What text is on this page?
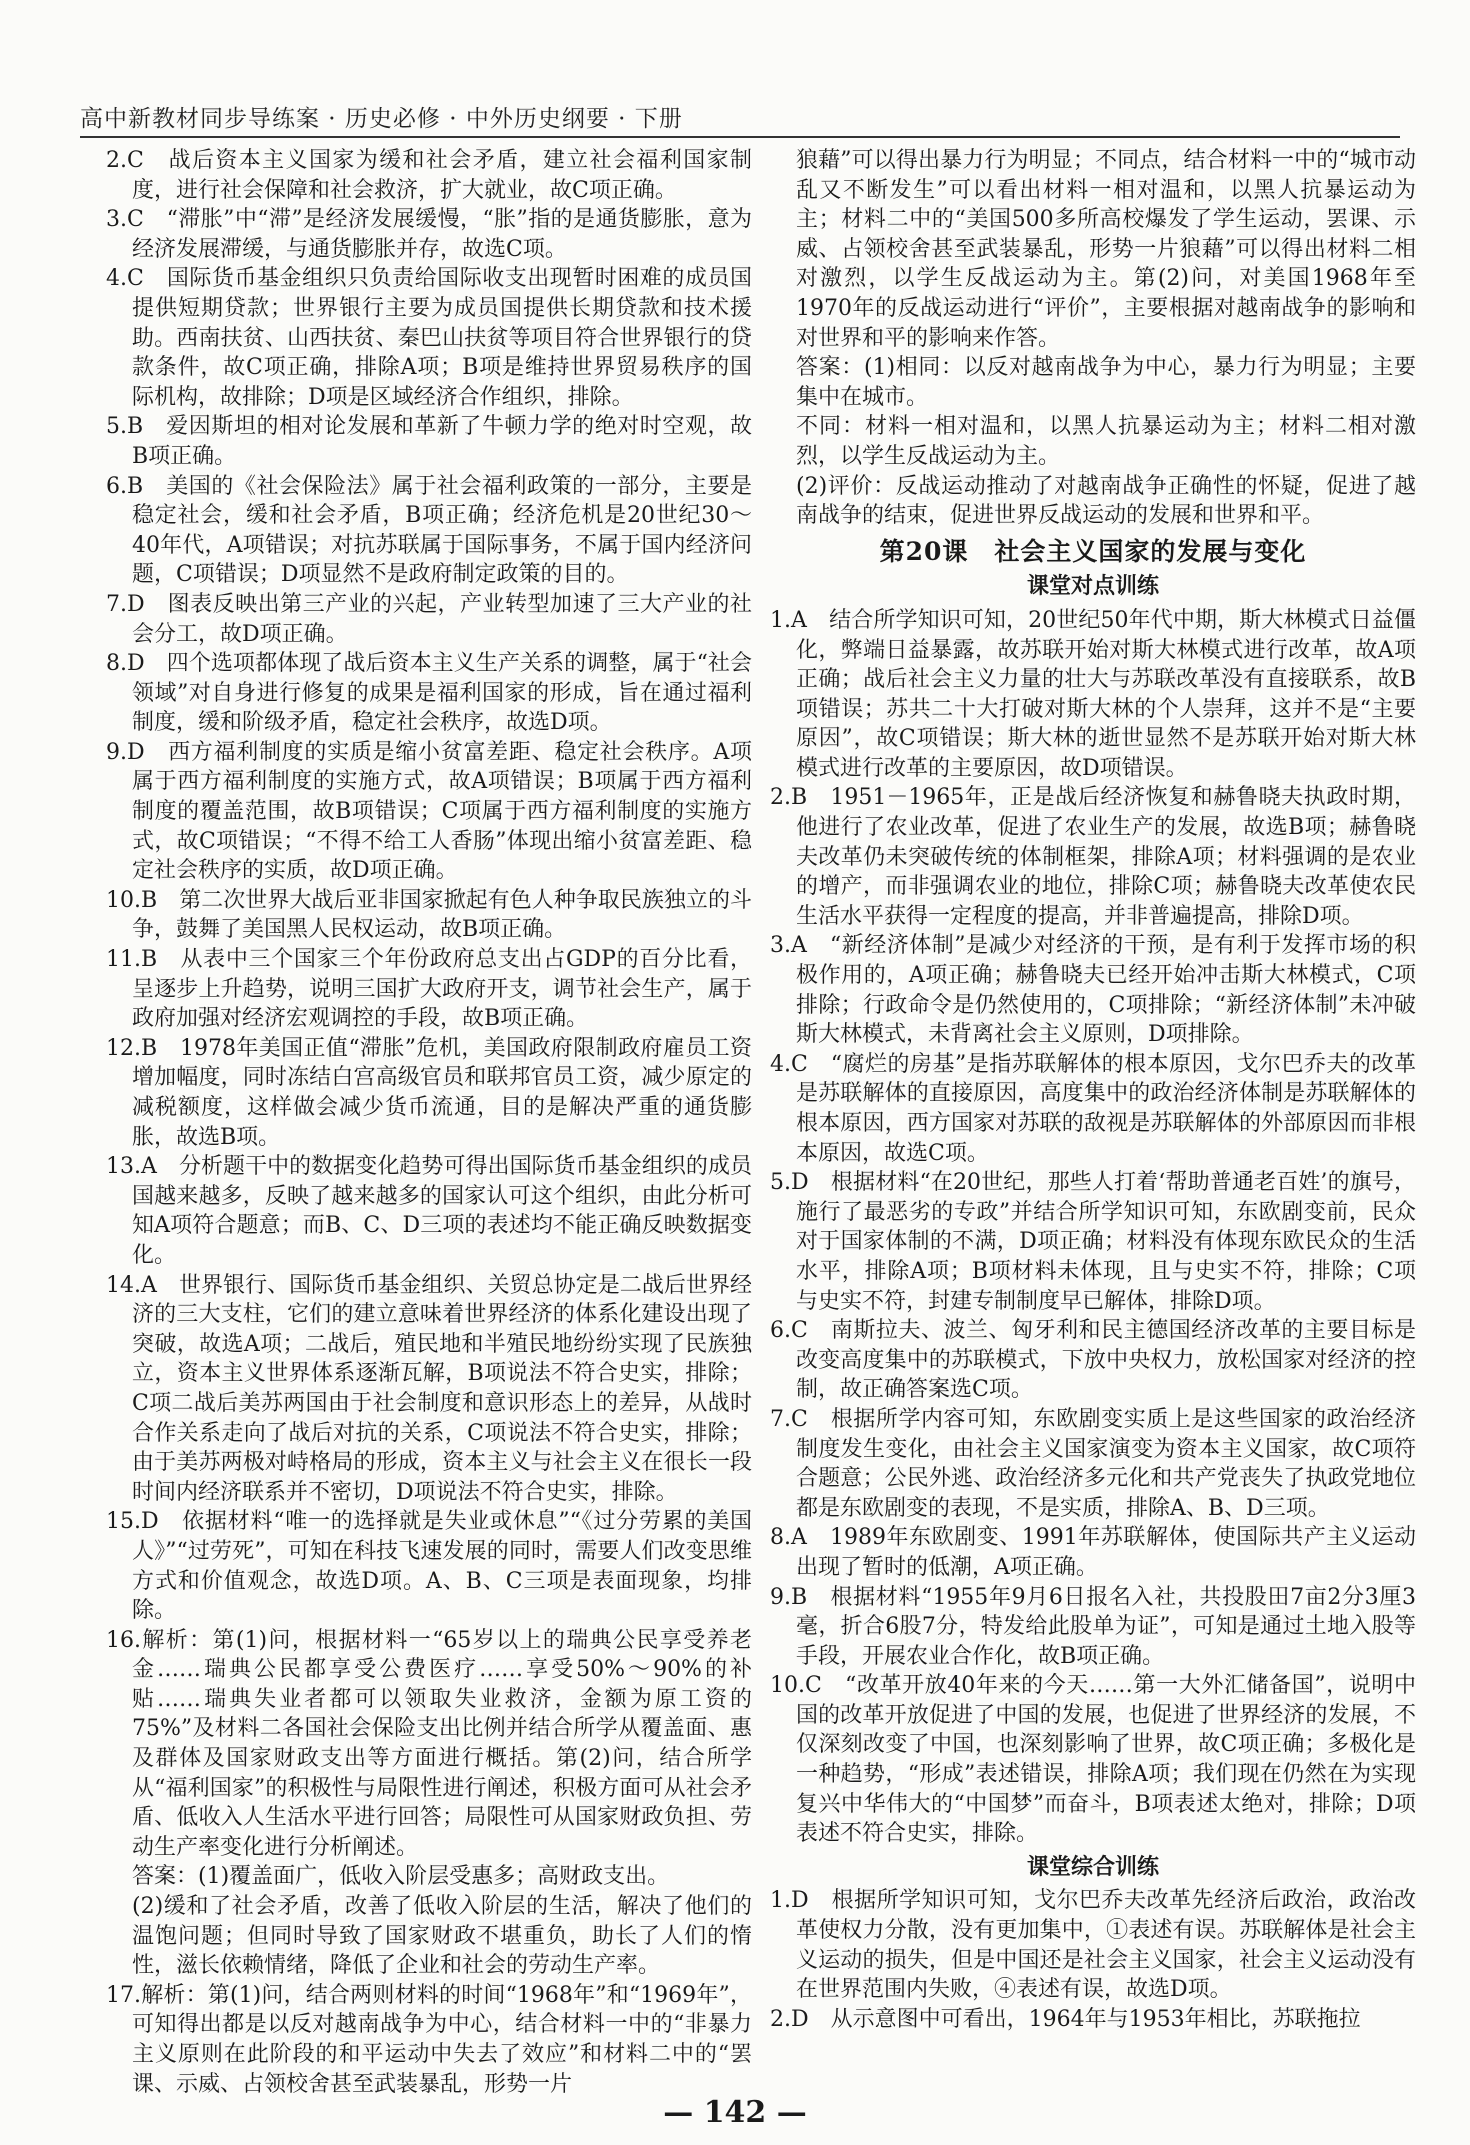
高中新教材同步导练案 · 历史必修 · 中外历史纲要 · 下册

2.C　战后资本主义国家为缓和社会矛盾，建立社会福利国家制度，进行社会保障和社会救济，扩大就业，故C项正确。

3.C　“滞胀”中“滞”是经济发展缓慢，“胀”指的是通货膨胀，意为经济发展滞缓，与通货膨胀并存，故选C项。

4.C　国际货币基金组织只负责给国际收支出现暂时困难的成员国提供短期贷款；世界银行主要为成员国提供长期贷款和技术援助。西南扶贫、山西扶贫、秦巴山扶贫等项目符合世界银行的贷款条件，故C项正确，排除A项；B项是维持世界贸易秩序的国际机构，故排除；D项是区域经济合作组织，排除。

5.B　爱因斯坦的相对论发展和革新了牛顿力学的绝对时空观，故B项正确。

6.B　美国的《社会保险法》属于社会福利政策的一部分，主要是稳定社会，缓和社会矛盾，B项正确；经济危机是20世纪30～40年代，A项错误；对抗苏联属于国际事务，不属于国内经济问题，C项错误；D项显然不是政府制定政策的目的。

7.D　图表反映出第三产业的兴起，产业转型加速了三大产业的社会分工，故D项正确。

8.D　四个选项都体现了战后资本主义生产关系的调整，属于“社会领域”对自身进行修复的成果是福利国家的形成，旨在通过福利制度，缓和阶级矛盾，稳定社会秩序，故选D项。

9.D　西方福利制度的实质是缩小贫富差距、稳定社会秩序。A项属于西方福利制度的实施方式，故A项错误；B项属于西方福利制度的覆盖范围，故B项错误；C项属于西方福利制度的实施方式，故C项错误；“不得不给工人香肠”体现出缩小贫富差距、稳定社会秩序的实质，故D项正确。

10.B　第二次世界大战后亚非国家掀起有色人种争取民族独立的斗争，鼓舞了美国黑人民权运动，故B项正确。

11.B　从表中三个国家三个年份政府总支出占GDP的百分比看，呈逐步上升趋势，说明三国扩大政府开支，调节社会生产，属于政府加强对经济宏观调控的手段，故B项正确。

12.B　1978年美国正值“滞胀”危机，美国政府限制政府雇员工资增加幅度，同时冻结白宫高级官员和联邦官员工资，减少原定的减税额度，这样做会减少货币流通，目的是解决严重的通货膨胀，故选B项。

13.A　分析题干中的数据变化趋势可得出国际货币基金组织的成员国越来越多，反映了越来越多的国家认可这个组织，由此分析可知A项符合题意；而B、C、D三项的表述均不能正确反映数据变化。

14.A　世界银行、国际货币基金组织、关贸总协定是二战后世界经济的三大支柱，它们的建立意味着世界经济的体系化建设出现了突破，故选A项；二战后，殖民地和半殖民地纷纷实现了民族独立，资本主义世界体系逐渐瓦解，B项说法不符合史实，排除；C项二战后美苏两国由于社会制度和意识形态上的差异，从战时合作关系走向了战后对抗的关系，C项说法不符合史实，排除；由于美苏两极对峙格局的形成，资本主义与社会主义在很长一段时间内经济联系并不密切，D项说法不符合史实，排除。

15.D　依据材料“唯一的选择就是失业或休息”“《过分劳累的美国人》”“过劳死”，可知在科技飞速发展的同时，需要人们改变思维方式和价值观念，故选D项。A、B、C三项是表面现象，均排除。

16.解析：第(1)问，根据材料一“65岁以上的瑞典公民享受养老金……瑞典公民都享受公费医疗……享受50%～90%的补贴……瑞典失业者都可以领取失业救济，金额为原工资的75%”及材料二各国社会保险支出比例并结合所学从覆盖面、惠及群体及国家财政支出等方面进行概括。第(2)问，结合所学从“福利国家”的积极性与局限性进行阐述，积极方面可从社会矛盾、低收入人生活水平进行回答；局限性可从国家财政负担、劳动生产率变化进行分析阐述。

答案：(1)覆盖面广，低收入阶层受惠多；高财政支出。

(2)缓和了社会矛盾，改善了低收入阶层的生活，解决了他们的温饱问题；但同时导致了国家财政不堪重负，助长了人们的惰性，滋长依赖情绪，降低了企业和社会的劳动生产率。

17.解析：第(1)问，结合两则材料的时间“1968年”和“1969年”，可知得出都是以反对越南战争为中心，结合材料一中的“非暴力主义原则在此阶段的和平运动中失去了效应”和材料二中的“罢课、示威、占领校舍甚至武装暴乱，形势一片

狼藉”可以得出暴力行为明显；不同点，结合材料一中的“城市动乱又不断发生”可以看出材料一相对温和，以黑人抗暴运动为主；材料二中的“美国500多所高校爆发了学生运动，罢课、示威、占领校舍甚至武装暴乱，形势一片狼藉”可以得出材料二相对激烈，以学生反战运动为主。第(2)问，对美国1968年至1970年的反战运动进行“评价”，主要根据对越南战争的影响和对世界和平的影响来作答。

答案：(1)相同：以反对越南战争为中心，暴力行为明显；主要集中在城市。

不同：材料一相对温和，以黑人抗暴运动为主；材料二相对激烈，以学生反战运动为主。

(2)评价：反战运动推动了对越南战争正确性的怀疑，促进了越南战争的结束，促进世界反战运动的发展和世界和平。

第20课　社会主义国家的发展与变化
课堂对点训练

1.A　结合所学知识可知，20世纪50年代中期，斯大林模式日益僵化，弊端日益暴露，故苏联开始对斯大林模式进行改革，故A项正确；战后社会主义力量的壮大与苏联改革没有直接联系，故B项错误；苏共二十大打破对斯大林的个人崇拜，这并不是“主要原因”，故C项错误；斯大林的逝世显然不是苏联开始对斯大林模式进行改革的主要原因，故D项错误。

2.B　1951－1965年，正是战后经济恢复和赫鲁晓夫执政时期，他进行了农业改革，促进了农业生产的发展，故选B项；赫鲁晓夫改革仍未突破传统的体制框架，排除A项；材料强调的是农业的增产，而非强调农业的地位，排除C项；赫鲁晓夫改革使农民生活水平获得一定程度的提高，并非普遍提高，排除D项。

3.A　“新经济体制”是减少对经济的干预，是有利于发挥市场的积极作用的，A项正确；赫鲁晓夫已经开始冲击斯大林模式，C项排除；行政命令是仍然使用的，C项排除；“新经济体制”未冲破斯大林模式，未背离社会主义原则，D项排除。

4.C　“腐烂的房基”是指苏联解体的根本原因，戈尔巴乔夫的改革是苏联解体的直接原因，高度集中的政治经济体制是苏联解体的根本原因，西方国家对苏联的敌视是苏联解体的外部原因而非根本原因，故选C项。

5.D　根据材料“在20世纪，那些人打着‘帮助普通老百姓’的旗号，施行了最恶劣的专政”并结合所学知识可知，东欧剧变前，民众对于国家体制的不满，D项正确；材料没有体现东欧民众的生活水平，排除A项；B项材料未体现，且与史实不符，排除；C项与史实不符，封建专制制度早已解体，排除D项。

6.C　南斯拉夫、波兰、匈牙利和民主德国经济改革的主要目标是改变高度集中的苏联模式，下放中央权力，放松国家对经济的控制，故正确答案选C项。

7.C　根据所学内容可知，东欧剧变实质上是这些国家的政治经济制度发生变化，由社会主义国家演变为资本主义国家，故C项符合题意；公民外逃、政治经济多元化和共产党丧失了执政党地位都是东欧剧变的表现，不是实质，排除A、B、D三项。

8.A　1989年东欧剧变、1991年苏联解体，使国际共产主义运动出现了暂时的低潮，A项正确。

9.B　根据材料“1955年9月6日报名入社，共投股田7亩2分3厘3毫，折合6股7分，特发给此股单为证”，可知是通过土地入股等手段，开展农业合作化，故B项正确。

10.C　“改革开放40年来的今天……第一大外汇储备国”，说明中国的改革开放促进了中国的发展，也促进了世界经济的发展，不仅深刻改变了中国，也深刻影响了世界，故C项正确；多极化是一种趋势，“形成”表述错误，排除A项；我们现在仍然在为实现复兴中华伟大的“中国梦”而奋斗，B项表述太绝对，排除；D项表述不符合史实，排除。

课堂综合训练

1.D　根据所学知识可知，戈尔巴乔夫改革先经济后政治，政治改革使权力分散，没有更加集中，①表述有误。苏联解体是社会主义运动的损失，但是中国还是社会主义国家，社会主义运动没有在世界范围内失败，④表述有误，故选D项。

2.D　从示意图中可看出，1964年与1953年相比，苏联拖拉

— 142 —
